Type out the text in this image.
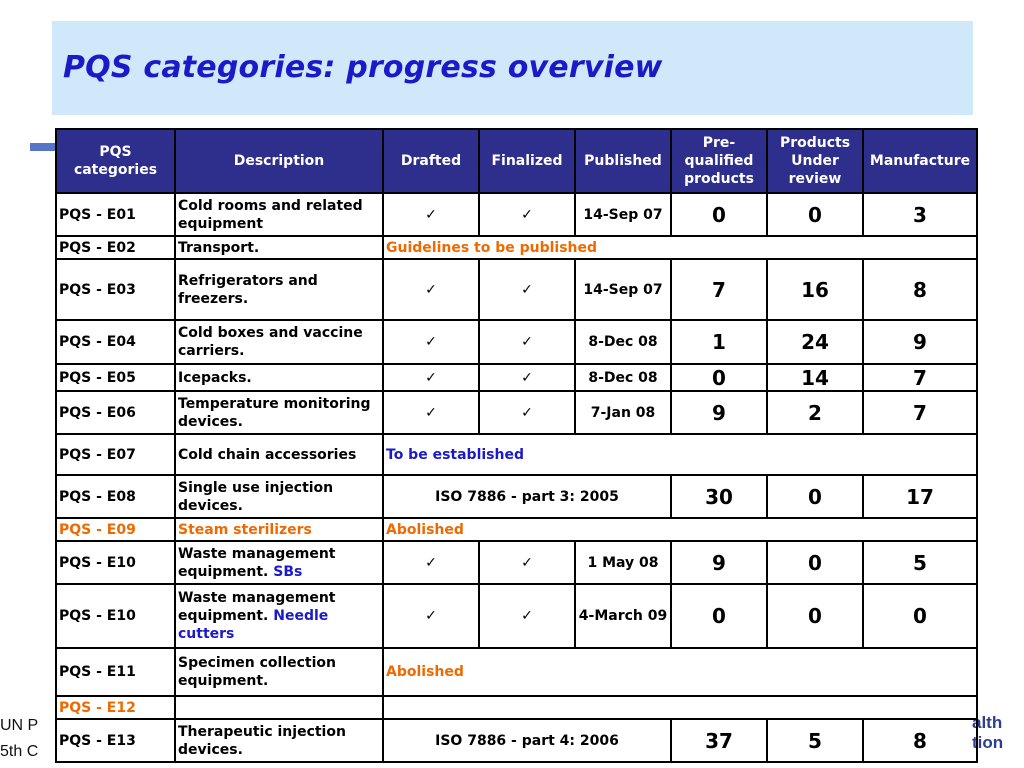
PQS categories: progress overview
UN P
5th C
alth
tion
PQS categories	Description	Drafted	Finalized	Published	Pre-qualified products	Products Under review	Manufacture
PQS - E01	Cold rooms and related equipment	✓	✓	14-Sep 07	0	0	3
PQS - E02	Transport.	Guidelines to be published					
PQS - E03	Refrigerators and freezers.	✓	✓	14-Sep 07	7	16	8
PQS - E04	Cold boxes and vaccine carriers.	✓	✓	8-Dec 08	1	24	9
PQS - E05	Icepacks.	✓	✓	8-Dec 08	0	14	7
PQS - E06	Temperature monitoring devices.	✓	✓	7-Jan 08	9	2	7
PQS - E07	Cold chain accessories	To be established					
PQS - E08	Single use injection devices.	ISO 7886 - part 3: 2005			30	0	17
PQS - E09	Steam sterilizers	Abolished					
PQS - E10	Waste management equipment. SBs	✓	✓	1 May 08	9	0	5
PQS - E10	Waste management equipment. Needle cutters	✓	✓	4-March 09	0	0	0
PQS - E11	Specimen collection equipment.	Abolished					
PQS - E12							
PQS - E13	Therapeutic injection devices.	ISO 7886 - part 4: 2006			37	5	8
